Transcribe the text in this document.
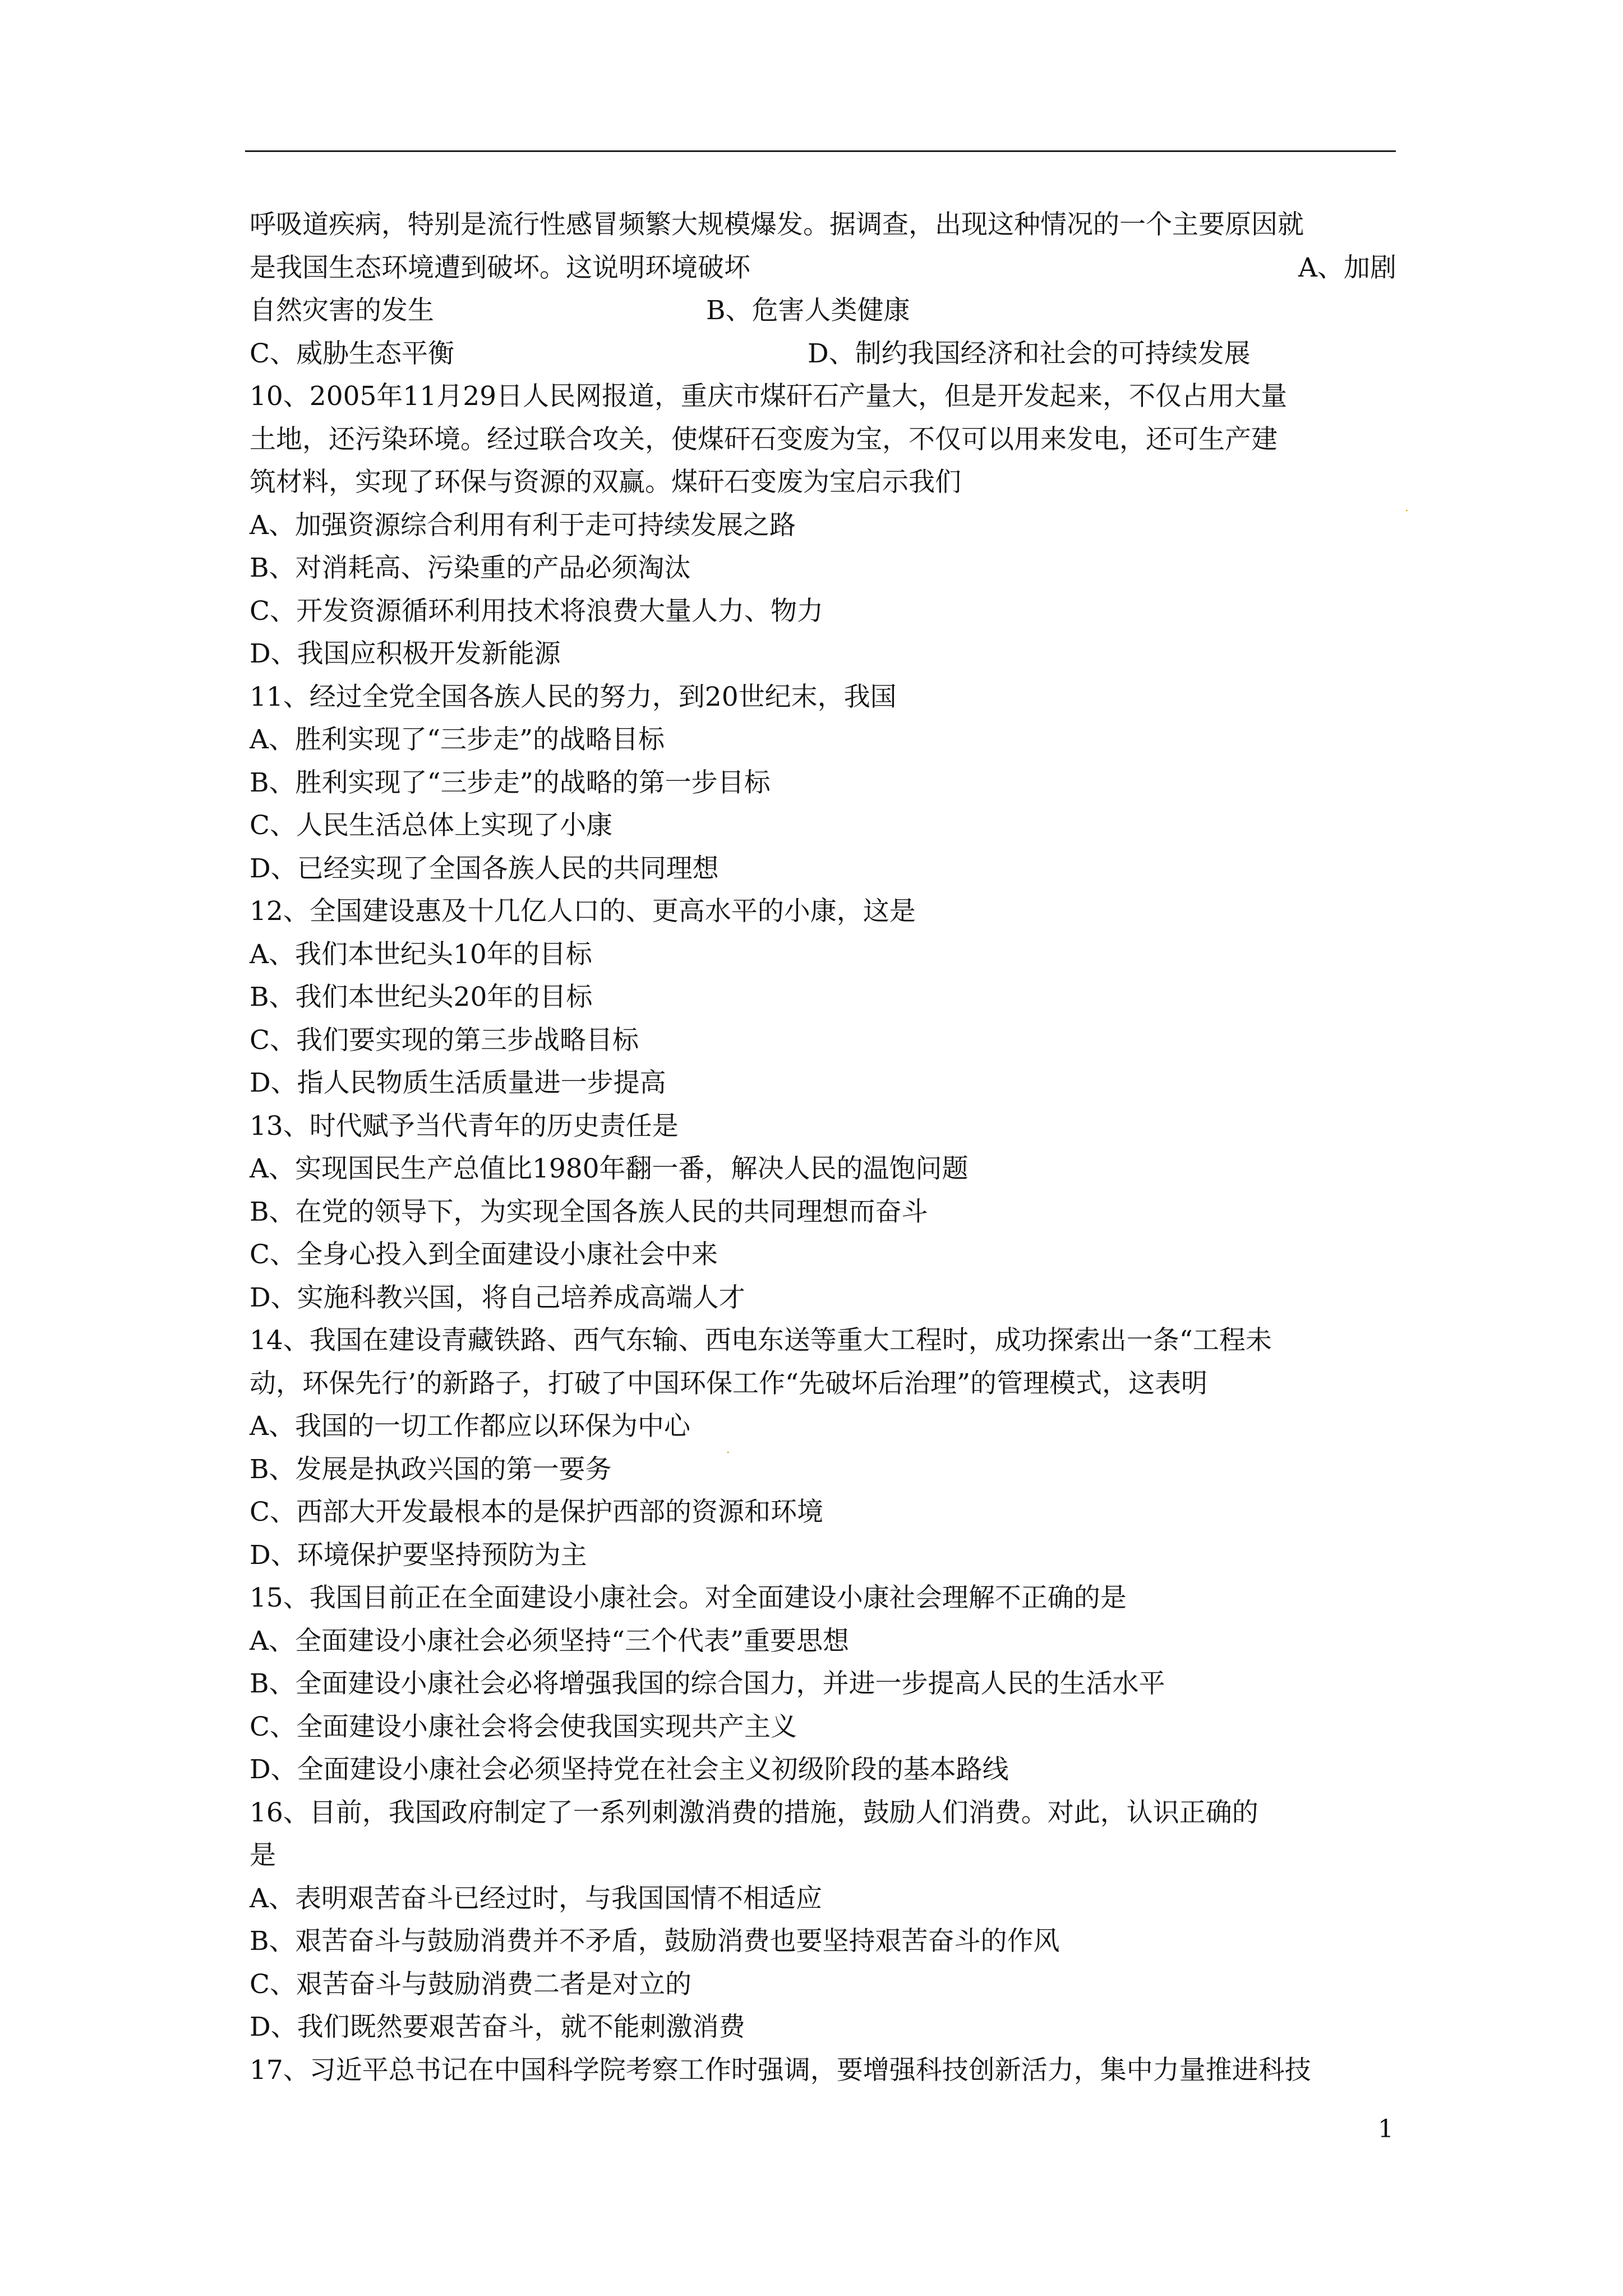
呼吸道疾病，特别是流行性感冒频繁大规模爆发。据调查，出现这种情况的一个主要原因就
是我国生态环境遭到破坏。这说明环境破坏	A、加剧
自然灾害的发生	B、危害人类健康
C、威胁生态平衡	D、制约我国经济和社会的可持续发展
10、2005年11月29日人民网报道，重庆市煤矸石产量大，但是开发起来，不仅占用大量
土地，还污染环境。经过联合攻关，使煤矸石变废为宝，不仅可以用来发电，还可生产建
筑材料，实现了环保与资源的双赢。煤矸石变废为宝启示我们
.
A、加强资源综合利用有利于走可持续发展之路
B、对消耗高、污染重的产品必须淘汰
C、开发资源循环利用技术将浪费大量人力、物力
D、我国应积极开发新能源
11、经过全党全国各族人民的努力，到20世纪末，我国
A、胜利实现了“三步走”的战略目标
B、胜利实现了“三步走”的战略的第一步目标
C、人民生活总体上实现了小康
D、已经实现了全国各族人民的共同理想
12、全国建设惠及十几亿人口的、更高水平的小康，这是
A、我们本世纪头10年的目标
B、我们本世纪头20年的目标
C、我们要实现的第三步战略目标
D、指人民物质生活质量进一步提高
13、时代赋予当代青年的历史责任是
A、实现国民生产总值比1980年翻一番，解决人民的温饱问题
B、在党的领导下，为实现全国各族人民的共同理想而奋斗
C、全身心投入到全面建设小康社会中来
D、实施科教兴国，将自己培养成高端人才
14、我国在建设青藏铁路、西气东输、西电东送等重大工程时，成功探索出一条“工程未
动，环保先行’的新路子，打破了中国环保工作“先破坏后治理”的管理模式，这表明
A、我国的一切工作都应以环保为中心
.
B、发展是执政兴国的第一要务
C、西部大开发最根本的是保护西部的资源和环境
D、环境保护要坚持预防为主
15、我国目前正在全面建设小康社会。对全面建设小康社会理解不正确的是
A、全面建设小康社会必须坚持“三个代表”重要思想
B、全面建设小康社会必将增强我国的综合国力，并进一步提高人民的生活水平
C、全面建设小康社会将会使我国实现共产主义
D、全面建设小康社会必须坚持党在社会主义初级阶段的基本路线
16、目前，我国政府制定了一系列刺激消费的措施，鼓励人们消费。对此，认识正确的
是
A、表明艰苦奋斗已经过时，与我国国情不相适应
B、艰苦奋斗与鼓励消费并不矛盾，鼓励消费也要坚持艰苦奋斗的作风
C、艰苦奋斗与鼓励消费二者是对立的
D、我们既然要艰苦奋斗，就不能刺激消费
17、习近平总书记在中国科学院考察工作时强调，要增强科技创新活力，集中力量推进科技
1
